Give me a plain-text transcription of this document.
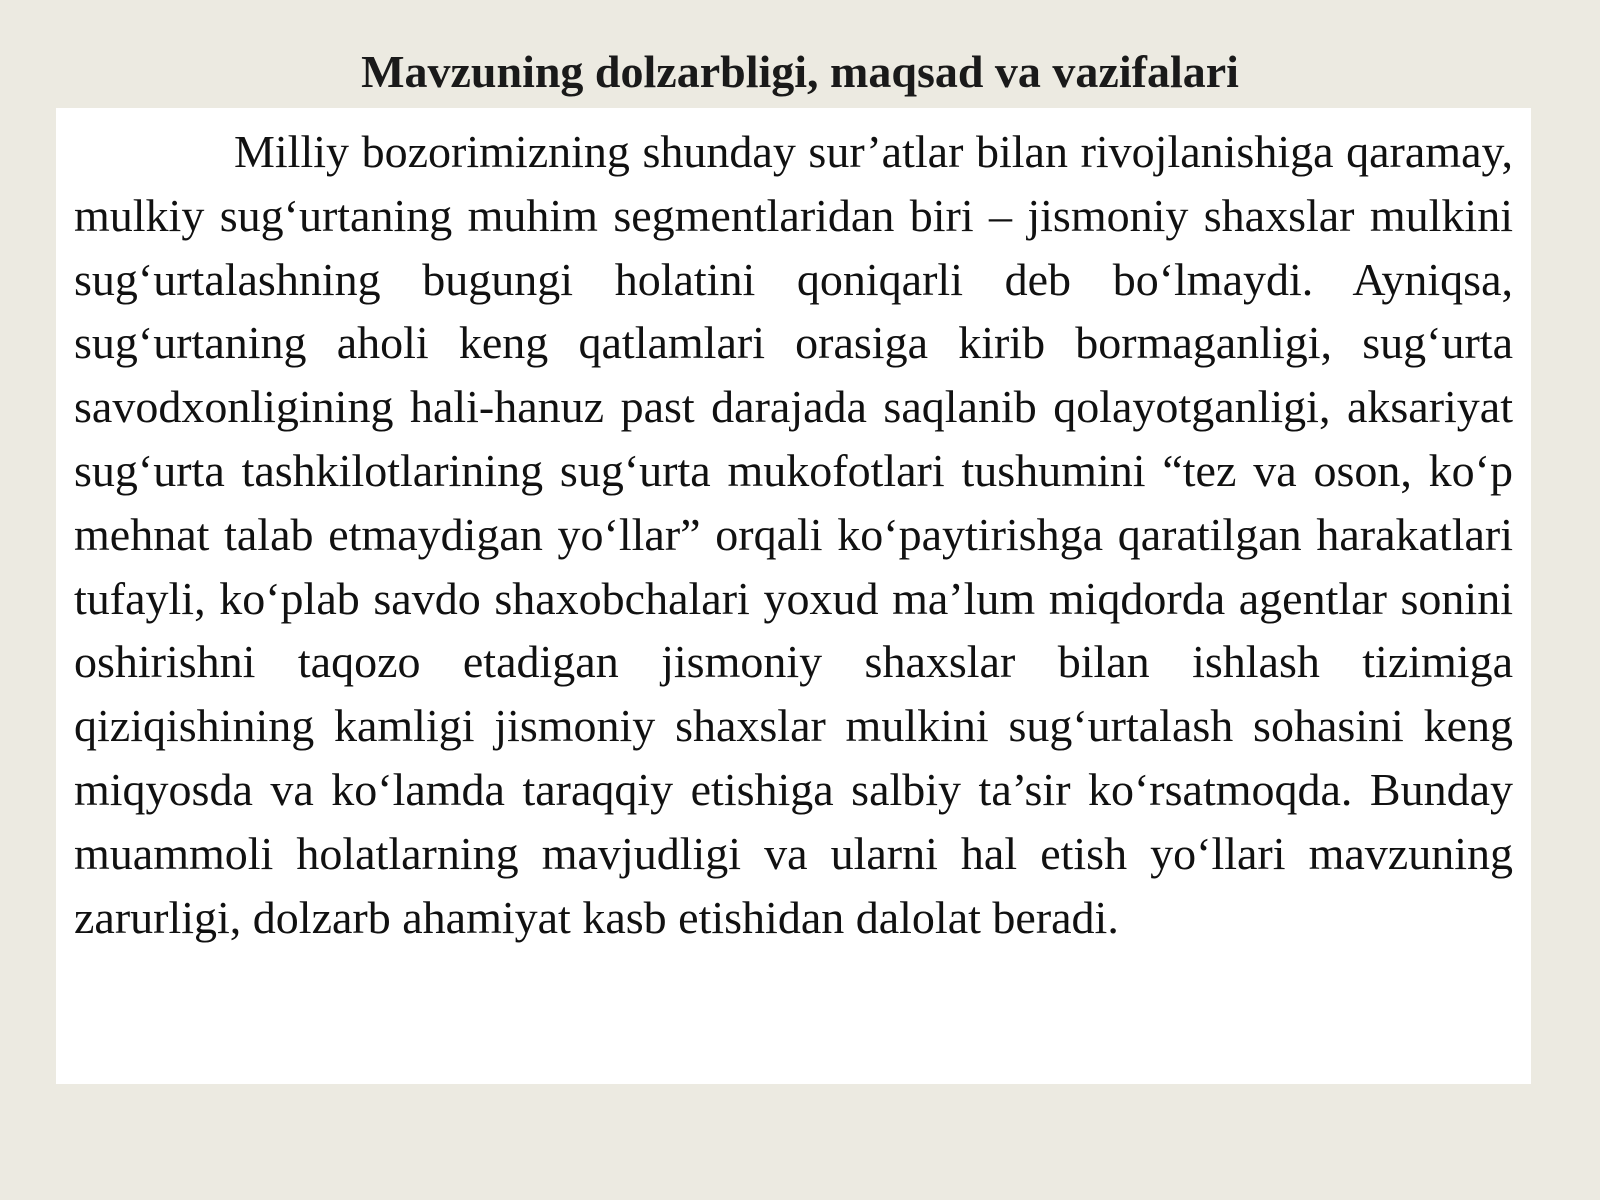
Mavzuning dolzarbligi, maqsad va vazifalari

Milliy bozorimizning shunday sur’atlar bilan rivojlanishiga qaramay, mulkiy sug‘urtaning muhim segmentlaridan biri – jismoniy shaxslar mulkini sug‘urtalashning bugungi holatini qoniqarli deb bo‘lmaydi. Ayniqsa, sug‘urtaning aholi keng qatlamlari orasiga kirib bormaganligi, sug‘urta savodxonligining hali-hanuz past darajada saqlanib qolayotganligi, aksariyat sug‘urta tashkilotlarining sug‘urta mukofotlari tushumini “tez va oson, ko‘p mehnat talab etmaydigan yo‘llar” orqali ko‘paytirishga qaratilgan harakatlari tufayli, ko‘plab savdo shaxobchalari yoxud ma’lum miqdorda agentlar sonini oshirishni taqozo etadigan jismoniy shaxslar bilan ishlash tizimiga qiziqishining kamligi jismoniy shaxslar mulkini sug‘urtalash sohasini keng miqyosda va ko‘lamda taraqqiy etishiga salbiy ta’sir ko‘rsatmoqda. Bunday muammoli holatlarning mavjudligi va ularni hal etish yo‘llari mavzuning zarurligi, dolzarb ahamiyat kasb etishidan dalolat beradi.
